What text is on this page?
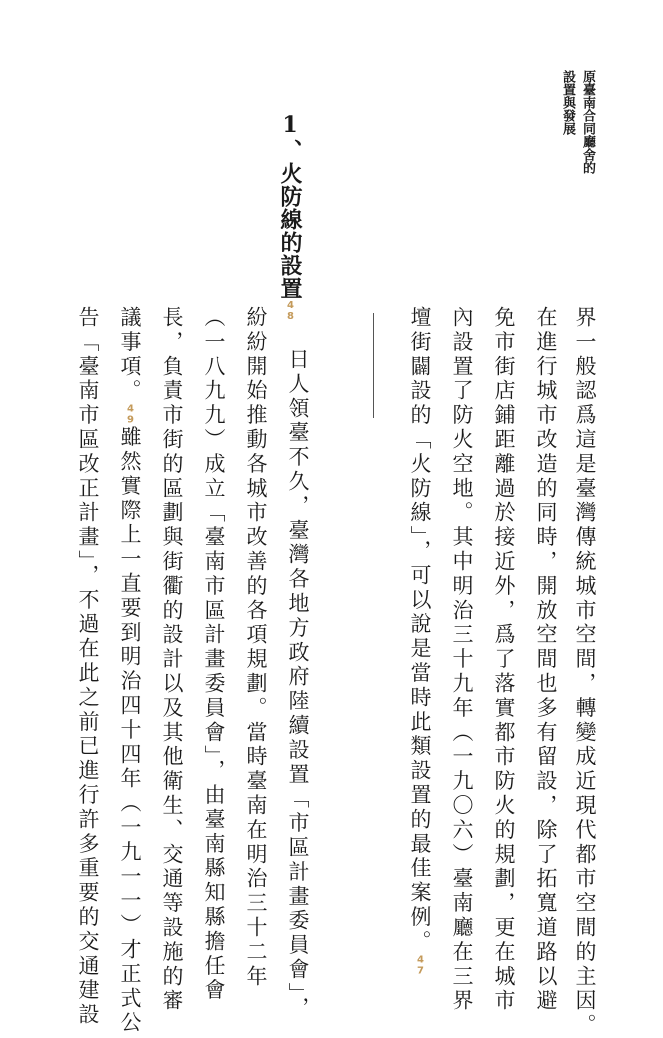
原臺南合同廳舍的
設置與發展
1、火防線的設置48	界一般認爲這是臺灣傳統城市空間，轉變成近現代都市空間的主因。
在進行城市改造的同時，開放空間也多有留設，除了拓寬道路以避
免市街店鋪距離過於接近外，爲了落實都市防火的規劃，更在城市
內設置了防火空地。其中明治三十九年（一九〇六）臺南廳在三界
壇街闢設的「火防線」，可以說是當時此類設置的最佳案例。47
日人領臺不久，臺灣各地方政府陸續設置「市區計畫委員會」，
紛紛開始推動各城市改善的各項規劃。當時臺南在明治三十二年
（一八九九）成立「臺南市區計畫委員會」，由臺南縣知縣擔任會
長，負責市街的區劃與街衢的設計以及其他衛生、交通等設施的審
議事項。49雖然實際上一直要到明治四十四年（一九一一）才正式公
告「臺南市區改正計畫」，不過在此之前已進行許多重要的交通建設
